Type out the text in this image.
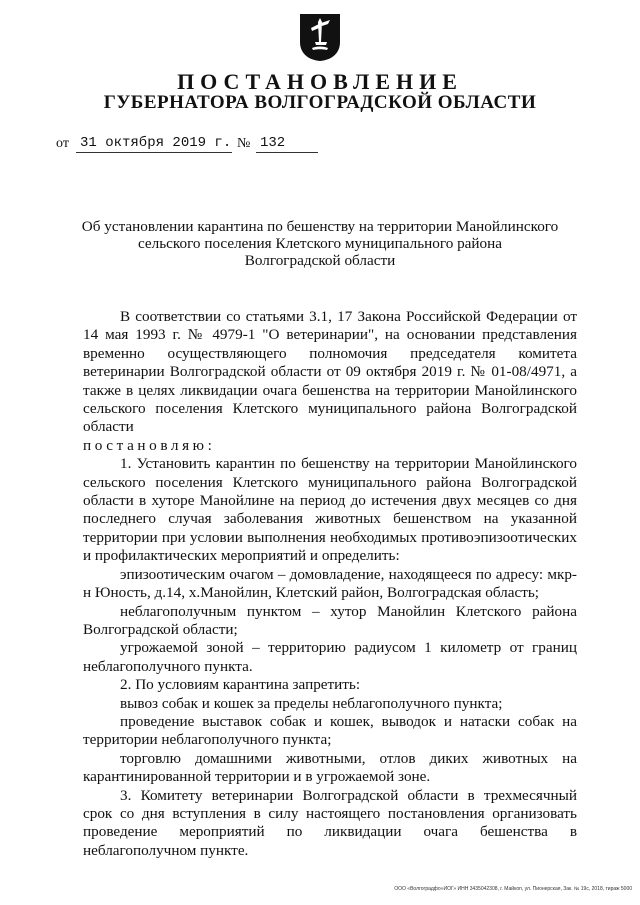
ПОСТАНОВЛЕНИЕ
ГУБЕРНАТОРА ВОЛГОГРАДСКОЙ ОБЛАСТИ
от 31 октября 2019 г. № 132
Об установлении карантина по бешенству на территории Манойлинского
сельского поселения Клетского муниципального района
Волгоградской области

В соответствии со статьями 3.1, 17 Закона Российской Федерации от 14 мая 1993 г. № 4979-1 "О ветеринарии", на основании представления временно осуществляющего полномочия председателя комитета ветеринарии Волгоградской области от 09 октября 2019 г. № 01-08/4971, а также в целях ликвидации очага бешенства на территории Манойлинского сельского поселения Клетского муниципального района Волгоградской области

постановляю:

1. Установить карантин по бешенству на территории Манойлинского сельского поселения Клетского муниципального района Волгоградской области в хуторе Манойлине на период до истечения двух месяцев со дня последнего случая заболевания животных бешенством на указанной территории при условии выполнения необходимых противоэпизоотических и профилактических мероприятий и определить:

эпизоотическим очагом – домовладение, находящееся по адресу: мкр-н Юность, д.14, х.Манойлин, Клетский район, Волгоградская область;

неблагополучным пунктом – хутор Манойлин Клетского района Волгоградской области;

угрожаемой зоной – территорию радиусом 1 километр от границ неблагополучного пункта.

2. По условиям карантина запретить:

вывоз собак и кошек за пределы неблагополучного пункта;

проведение выставок собак и кошек, выводок и натаски собак на территории неблагополучного пункта;

торговлю домашними животными, отлов диких животных на карантинированной территории и в угрожаемой зоне.

3. Комитету ветеринарии Волгоградской области в трехмесячный срок со дня вступления в силу настоящего постановления организовать проведение мероприятий по ликвидации очага бешенства в неблагополучном пункте.

ООО «Волгоградфо»ИОГ» ИНН 3435042308, г. Майкоп, ул. Пионерская, Зак. № 19с, 2018, тираж 5000
